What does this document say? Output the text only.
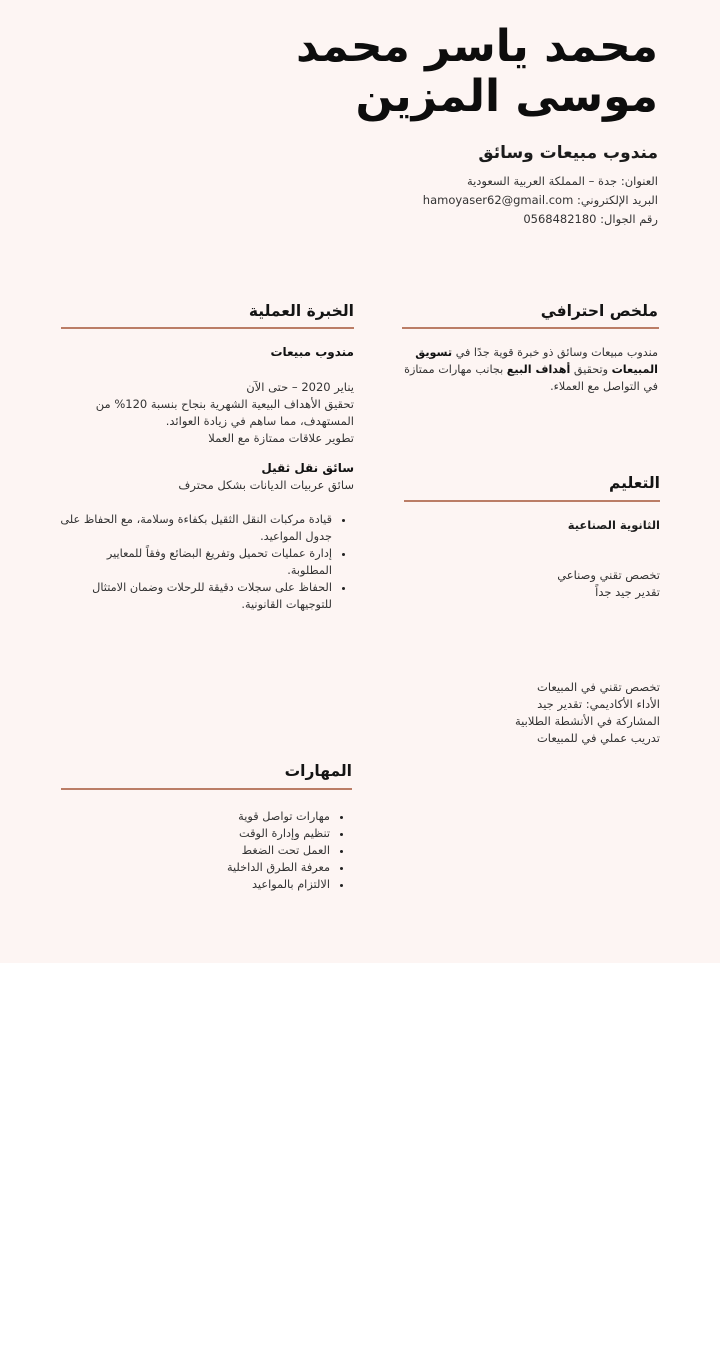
محمد ياسر محمد
موسى المزين
مندوب مبيعات وسائق
العنوان: جدة – المملكة العربية السعودية
البريد الإلكتروني: hamoyaser62@gmail.com
رقم الجوال: 0568482180
ملخص احترافي
مندوب مبيعات وسائق ذو خبرة قوية جدًا في تسويق المبيعات وتحقيق أهداف البيع بجانب مهارات ممتازة في التواصل مع العملاء.
التعليم
الثانوية الصناعية
تخصص تقني وصناعي
تقدير جيد جداً
تخصص تقني في المبيعات
الأداء الأكاديمي: تقدير جيد
المشاركة في الأنشطة الطلابية
تدريب عملي في للمبيعات
الخبرة العملية
مندوب مبيعات
يناير 2020 – حتى الآن
تحقيق الأهداف البيعية الشهرية بنجاح بنسبة 120% من المستهدف، مما ساهم في زيادة العوائد.
تطوير علاقات ممتازة مع العملا
سائق نقل ثقيل
سائق عربيات الديانات بشكل محترف
• قيادة مركبات النقل الثقيل بكفاءة وسلامة، مع الحفاظ على جدول المواعيد.
• إدارة عمليات تحميل وتفريغ البضائع وفقاً للمعايير المطلوبة.
• الحفاظ على سجلات دقيقة للرحلات وضمان الامتثال للتوجيهات القانونية.
المهارات
• مهارات تواصل قوية
• تنظيم وإدارة الوقت
• العمل تحت الضغط
• معرفة الطرق الداخلية
• الالتزام بالمواعيد
